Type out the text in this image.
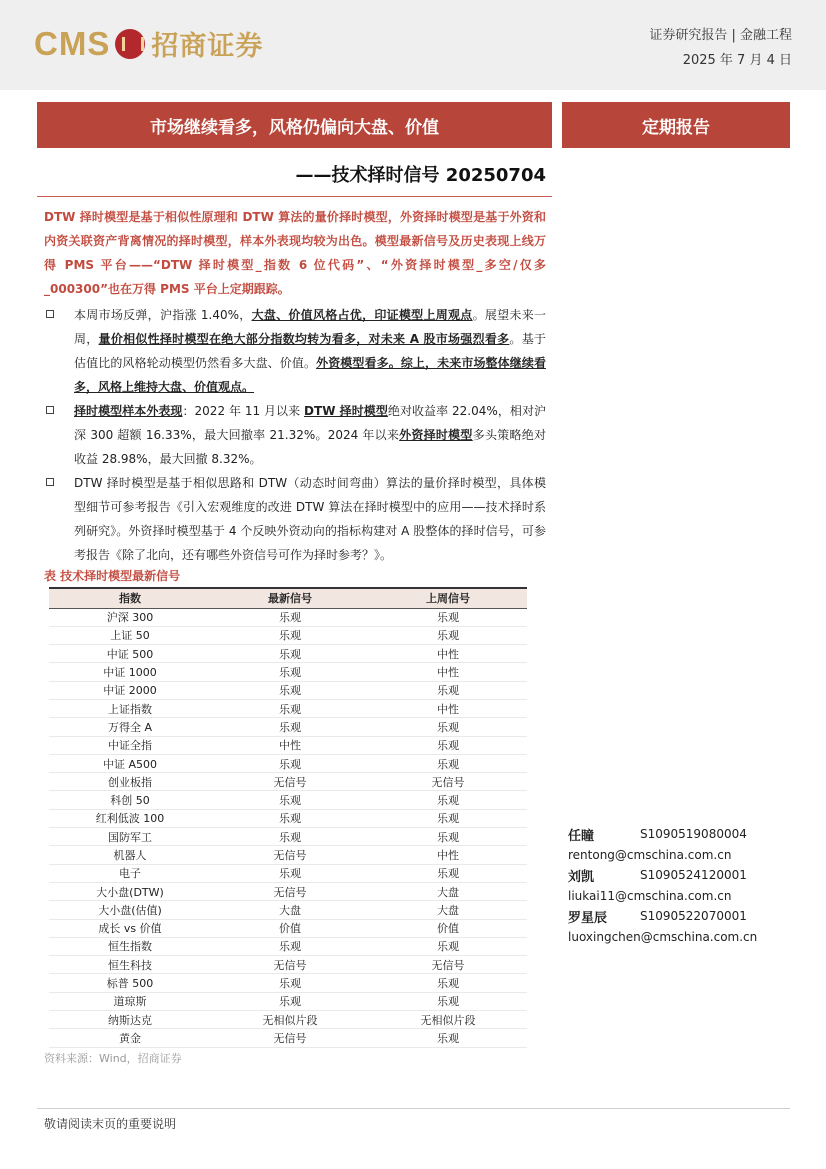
CMS 招商证券	证券研究报告 | 金融工程
2025 年 7 月 4 日
市场继续看多，风格仍偏向大盘、价值	定期报告
——技术择时信号 20250704

DTW 择时模型是基于相似性原理和 DTW 算法的量价择时模型，外资择时模型是基于外资和内资关联资产背离情况的择时模型，样本外表现均较为出色。模型最新信号及历史表现上线万得 PMS 平台——“DTW 择时模型_指数 6 位代码”、“外资择时模型_多空/仅多_000300”也在万得 PMS 平台上定期跟踪。

本周市场反弹，沪指涨 1.40%，大盘、价值风格占优，印证模型上周观点。展望未来一周，量价相似性择时模型在绝大部分指数均转为看多，对未来 A 股市场强烈看多。基于估值比的风格轮动模型仍然看多大盘、价值。外资模型看多。综上，未来市场整体继续看多，风格上维持大盘、价值观点。
择时模型样本外表现：2022 年 11 月以来 DTW 择时模型绝对收益率 22.04%，相对沪深 300 超额 16.33%，最大回撤率 21.32%。2024 年以来外资择时模型多头策略绝对收益 28.98%，最大回撤 8.32%。
DTW 择时模型是基于相似思路和 DTW（动态时间弯曲）算法的量价择时模型，具体模型细节可参考报告《引入宏观维度的改进 DTW 算法在择时模型中的应用——技术择时系列研究》。外资择时模型基于 4 个反映外资动向的指标构建对 A 股整体的择时信号，可参考报告《除了北向，还有哪些外资信号可作为择时参考？》。
表 技术择时模型最新信号
指数	最新信号	上周信号
沪深 300	乐观	乐观
上证 50	乐观	乐观
中证 500	乐观	中性
中证 1000	乐观	中性
中证 2000	乐观	乐观
上证指数	乐观	中性
万得全 A	乐观	乐观
中证全指	中性	乐观
中证 A500	乐观	乐观
创业板指	无信号	无信号
科创 50	乐观	乐观
红利低波 100	乐观	乐观
国防军工	乐观	乐观
机器人	无信号	中性
电子	乐观	乐观
大小盘(DTW)	无信号	大盘
大小盘(估值)	大盘	大盘
成长 vs 价值	价值	价值
恒生指数	乐观	乐观
恒生科技	无信号	无信号
标普 500	乐观	乐观
道琼斯	乐观	乐观
纳斯达克	无相似片段	无相似片段
黄金	无信号	乐观
资料来源：Wind，招商证券
任瞳	S1090519080004
rentong@cmschina.com.cn
刘凯	S1090524120001
liukai11@cmschina.com.cn
罗星辰	S1090522070001
luoxingchen@cmschina.com.cn
敬请阅读末页的重要说明
